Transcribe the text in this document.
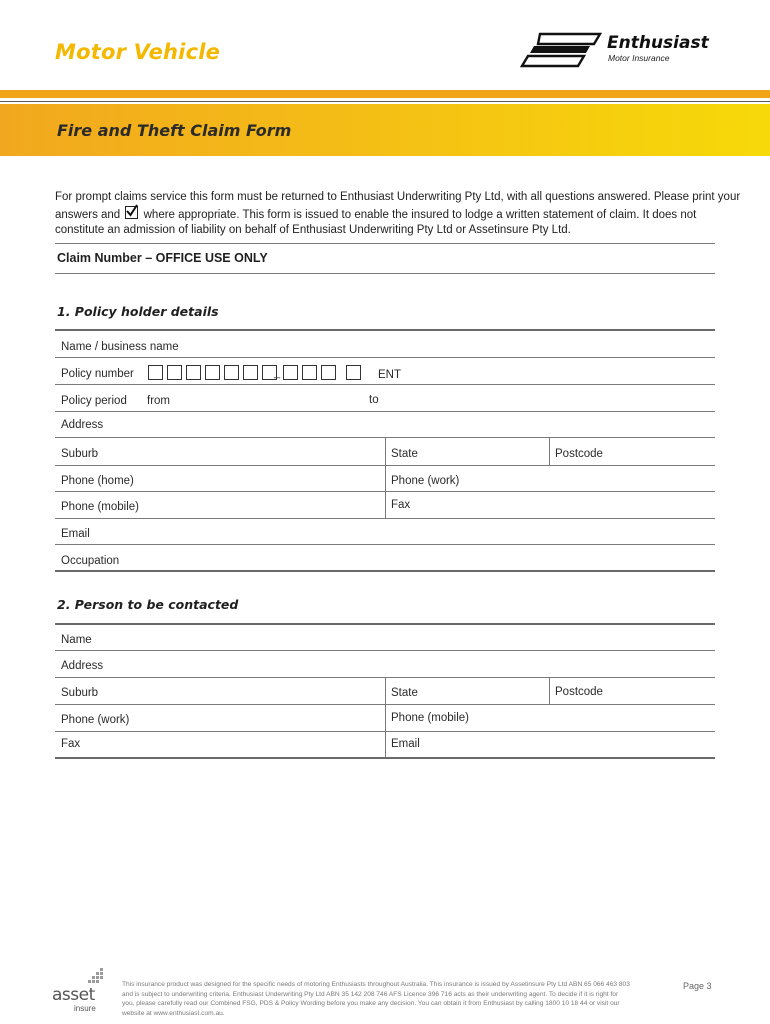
Motor Vehicle	Enthusiast
Motor Insurance
Fire and Theft Claim Form

For prompt claims service this form must be returned to Enthusiast Underwriting Pty Ltd, with all questions answered. Please print your answers and where appropriate. This form is issued to enable the insured to lodge a written statement of claim. It does not constitute an admission of liability on behalf of Enthusiast Underwriting Pty Ltd or Assetinsure Pty Ltd.

Claim Number – OFFICE USE ONLY
1. Policy holder details
Name / business name
Policy number	_	ENT
Policy period from	to
Address
Suburb	State	Postcode
Phone (home)	Phone (work)
Phone (mobile)	Fax
Email
Occupation
2. Person to be contacted
Name
Address
Suburb	State	Postcode
Phone (work)	Phone (mobile)
Fax	Email
asset
insure

This insurance product was designed for the specific needs of motoring Enthusiasts throughout Australia. This insurance is issued by Assetinsure Pty Ltd ABN 65 066 463 803 and is subject to underwriting criteria. Enthusiast Underwriting Pty Ltd ABN 35 142 208 746 AFS Licence 396 716 acts as their underwriting agent. To decide if it is right for you, please carefully read our Combined FSG, PDS & Policy Wording before you make any decision. You can obtain it from Enthusiast by calling 1800 10 18 44 or visit our website at www.enthusiast.com.au.

Page 3
